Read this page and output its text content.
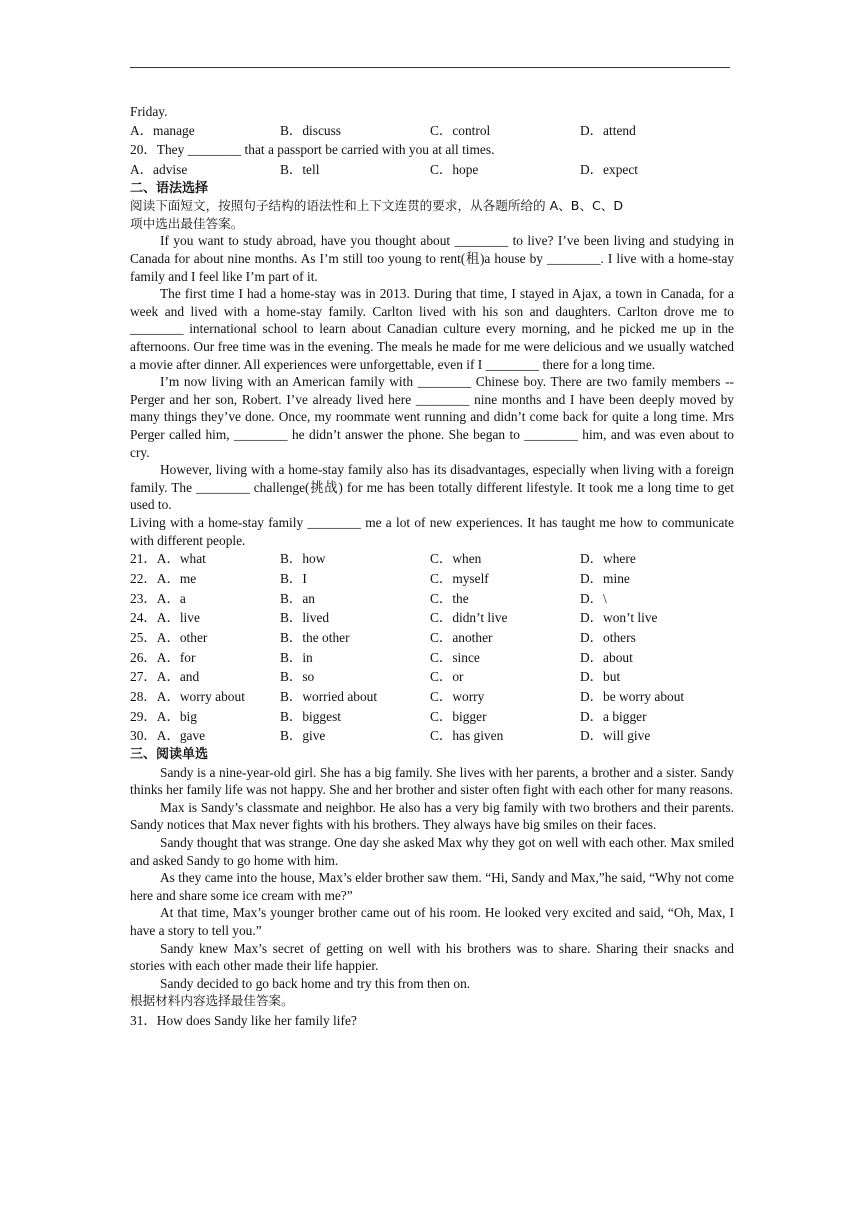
Friday.
A．manage	B．discuss	C．control	D．attend
20．They ________ that a passport be carried with you at all times.
A．advise	B．tell	C．hope	D．expect
二、语法选择
阅读下面短文，按照句子结构的语法性和上下文连贯的要求，从各题所给的 A、B、C、D
项中选出最佳答案。

If you want to study abroad, have you thought about ________ to live? I’ve been living and studying in Canada for about nine months. As I’m still too young to rent(租)a house by ________. I live with a home-stay family and I feel like I’m part of it.

The first time I had a home-stay was in 2013. During that time, I stayed in Ajax, a town in Canada, for a week and lived with a home-stay family. Carlton lived with his son and daughters. Carlton drove me to ________ international school to learn about Canadian culture every morning, and he picked me up in the afternoons. Our free time was in the evening. The meals he made for me were delicious and we usually watched a movie after dinner. All experiences were unforgettable, even if I ________ there for a long time.

I’m now living with an American family with ________ Chinese boy. There are two family members -- Perger and her son, Robert. I’ve already lived here ________ nine months and I have been deeply moved by many things they’ve done. Once, my roommate went running and didn’t come back for quite a long time. Mrs Perger called him, ________ he didn’t answer the phone. She began to ________ him, and was even about to cry.

However, living with a home-stay family also has its disadvantages, especially when living with a foreign family. The ________ challenge(挑战) for me has been totally different lifestyle. It took me a long time to get used to.

Living with a home-stay family ________ me a lot of new experiences. It has taught me how to communicate with different people.

21．A．what	B．how	C．when	D．where
22．A．me	B．I	C．myself	D．mine
23．A．a	B．an	C．the	D．\
24．A．live	B．lived	C．didn’t live	D．won’t live
25．A．other	B．the other	C．another	D．others
26．A．for	B．in	C．since	D．about
27．A．and	B．so	C．or	D．but
28．A．worry about	B．worried about	C．worry	D．be worry about
29．A．big	B．biggest	C．bigger	D．a bigger
30．A．gave	B．give	C．has given	D．will give
三、阅读单选

Sandy is a nine-year-old girl. She has a big family. She lives with her parents, a brother and a sister. Sandy thinks her family life was not happy. She and her brother and sister often fight with each other for many reasons.

Max is Sandy’s classmate and neighbor. He also has a very big family with two brothers and their parents. Sandy notices that Max never fights with his brothers. They always have big smiles on their faces.

Sandy thought that was strange. One day she asked Max why they got on well with each other. Max smiled and asked Sandy to go home with him.

As they came into the house, Max’s elder brother saw them. “Hi, Sandy and Max,”he said, “Why not come here and share some ice cream with me?”

At that time, Max’s younger brother came out of his room. He looked very excited and said, “Oh, Max, I have a story to tell you.”

Sandy knew Max’s secret of getting on well with his brothers was to share. Sharing their snacks and stories with each other made their life happier.

Sandy decided to go back home and try this from then on.

根据材料内容选择最佳答案。
31．How does Sandy like her family life?
